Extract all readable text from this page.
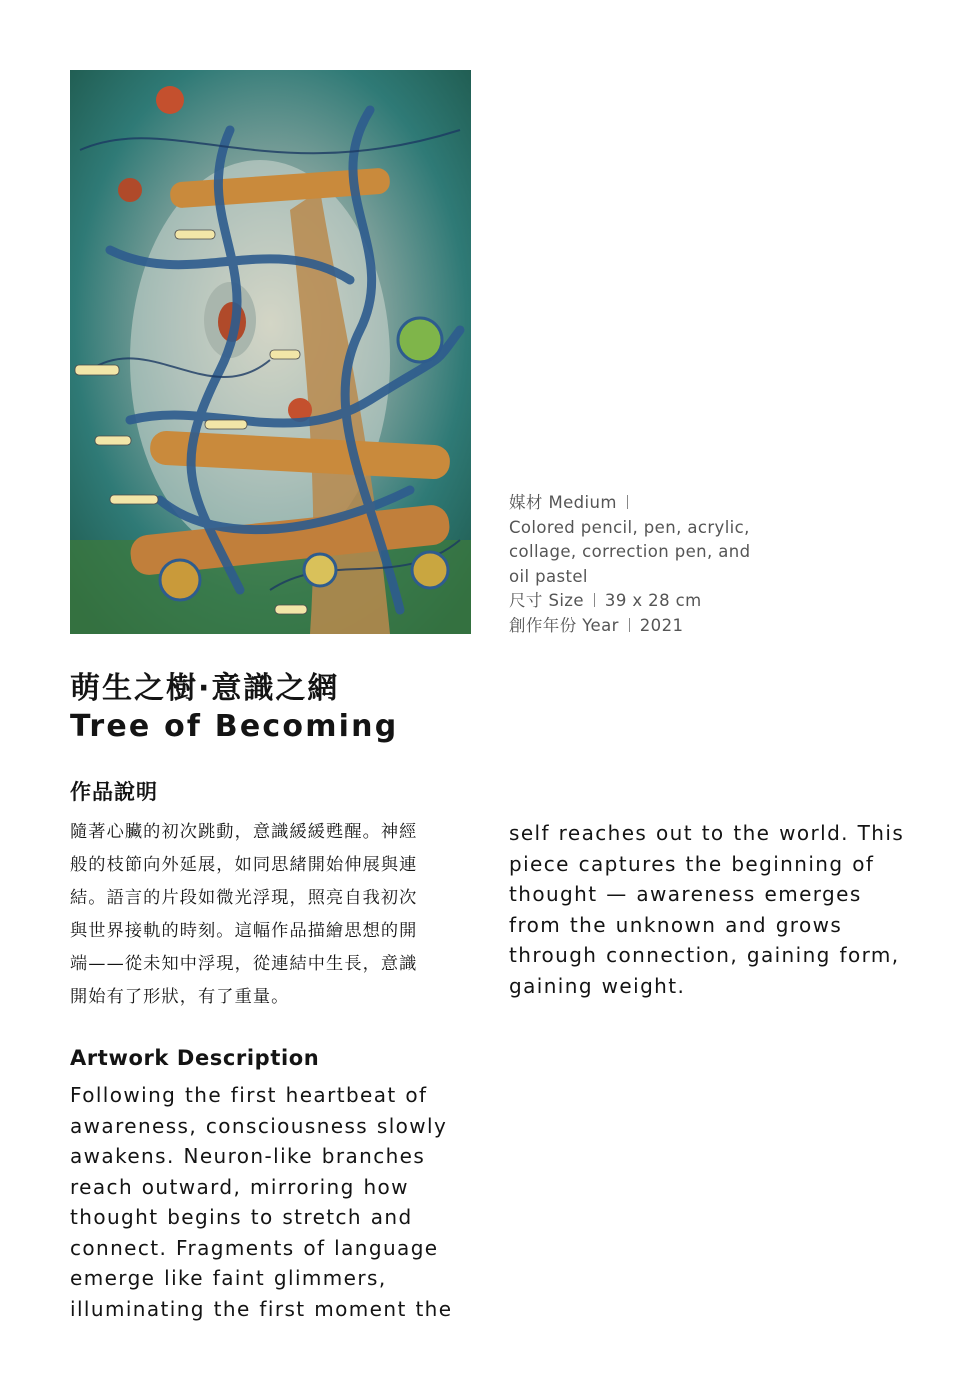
媒材 Medium
Colored pencil, pen, acrylic,
collage, correction pen, and
oil pastel
尺寸 Size 39 x 28 cm
創作年份 Year 2021
萌生之樹·意識之網
Tree of Becoming
作品說明
隨著心臟的初次跳動，意識緩緩甦醒。神經
般的枝節向外延展，如同思緒開始伸展與連
結。語言的片段如微光浮現，照亮自我初次
與世界接軌的時刻。這幅作品描繪思想的開
端——從未知中浮現，從連結中生長，意識
開始有了形狀，有了重量。
Artwork Description
Following the first heartbeat of
awareness, consciousness slowly
awakens. Neuron-like branches
reach outward, mirroring how
thought begins to stretch and
connect. Fragments of language
emerge like faint glimmers,
illuminating the first moment the
self reaches out to the world. This
piece captures the beginning of
thought — awareness emerges
from the unknown and grows
through connection, gaining form,
gaining weight.
